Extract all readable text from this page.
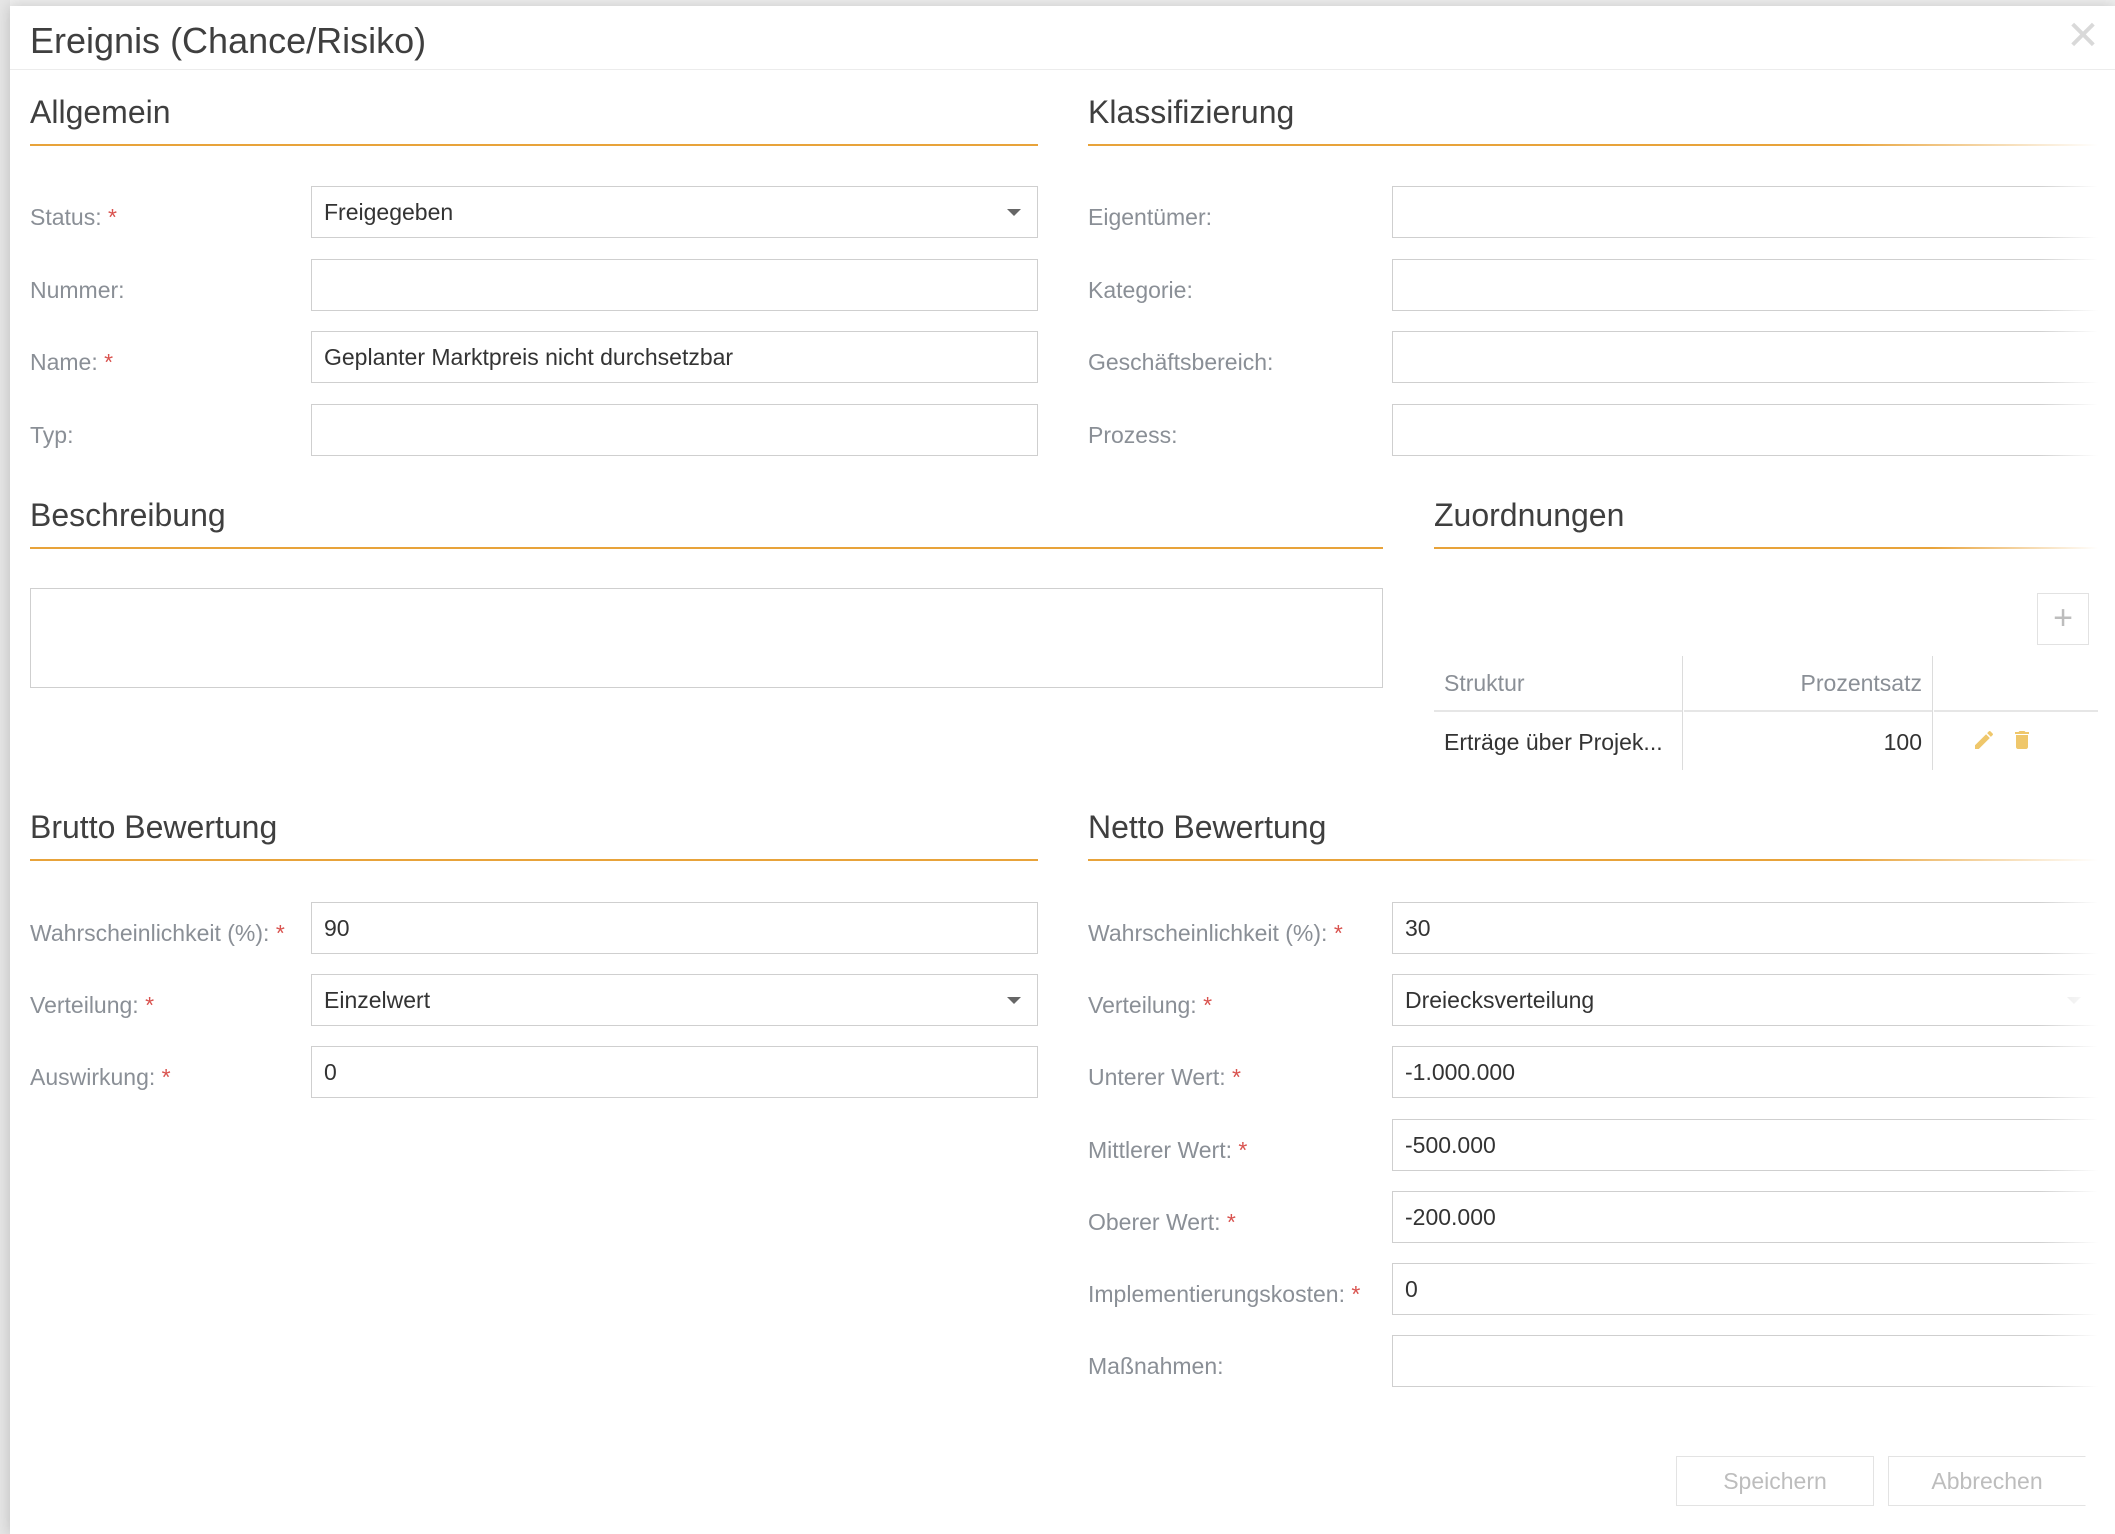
Ereignis (Chance/Risiko)	✕
Allgemein
Status: *	Freigegeben
Nummer:
Name: *	Geplanter Marktpreis nicht durchsetzbar
Typ:
Klassifizierung
Eigentümer:
Kategorie:
Geschäftsbereich:
Prozess:
Beschreibung	Zuordnungen
+
Struktur	Prozentsatz
Erträge über Projek...	100
Brutto Bewertung
Wahrscheinlichkeit (%): *	90
Verteilung: *	Einzelwert
Auswirkung: *	0
Netto Bewertung
Wahrscheinlichkeit (%): *	30
Verteilung: *	Dreiecksverteilung
Unterer Wert: *	-1.000.000
Mittlerer Wert: *	-500.000
Oberer Wert: *	-200.000
Implementierungskosten: *	0
Maßnahmen:
Speichern	Abbrechen
